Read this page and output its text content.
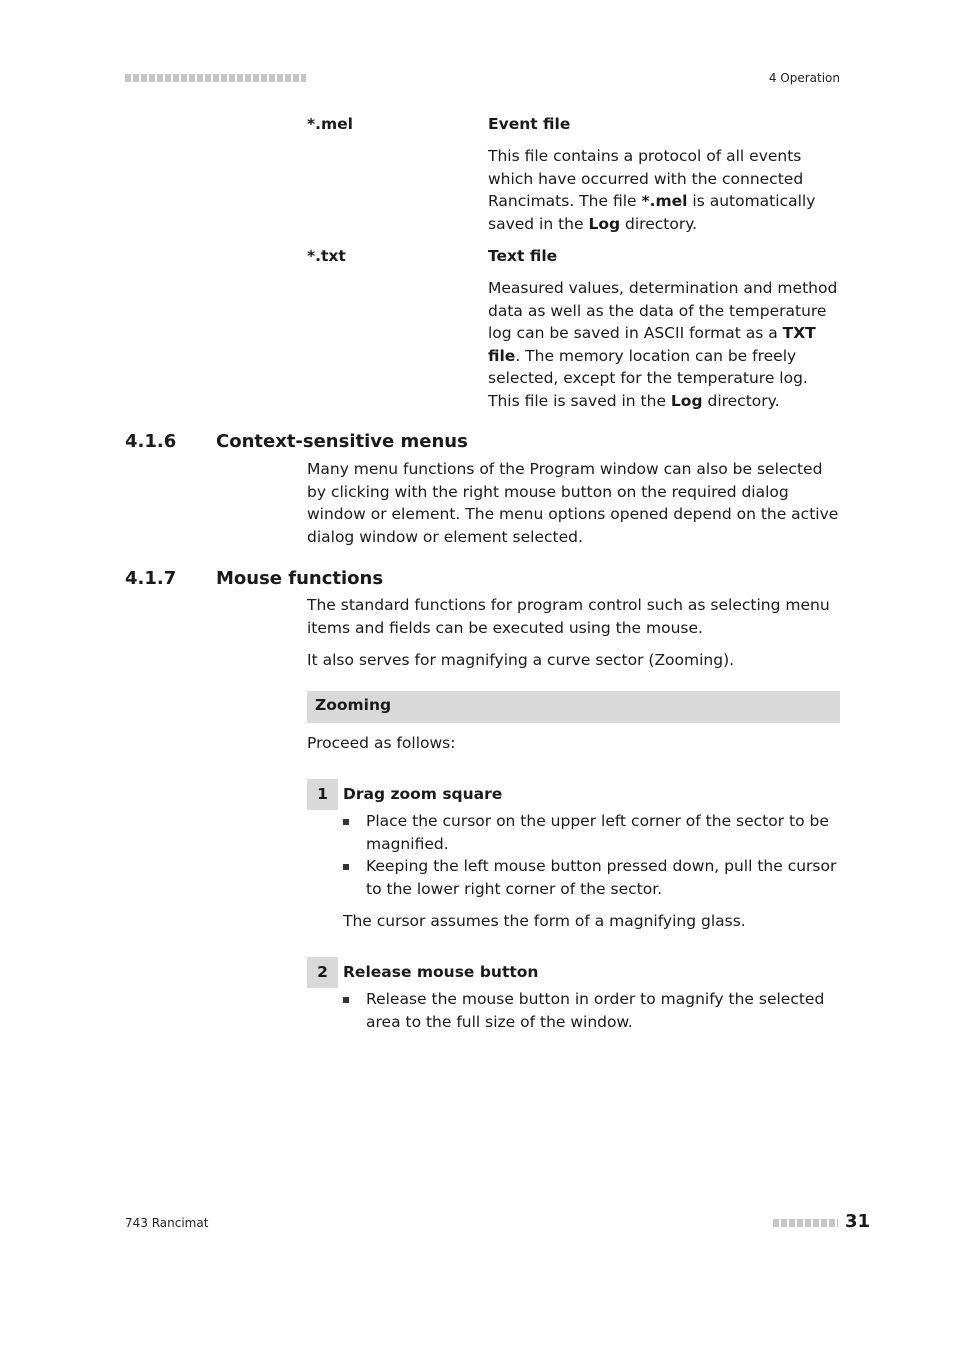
4 Operation
*.mel	Event file
This file contains a protocol of all events which have occurred with the connected Rancimats. The file *.mel is automatically saved in the Log directory.
*.txt	Text file
Measured values, determination and method data as well as the data of the temperature log can be saved in ASCII format as a TXT file. The memory location can be freely selected, except for the temperature log. This file is saved in the Log directory.
4.1.6 Context-sensitive menus
Many menu functions of the Program window can also be selected by clicking with the right mouse button on the required dialog window or element. The menu options opened depend on the active dialog window or element selected.
4.1.7 Mouse functions
The standard functions for program control such as selecting menu items and fields can be executed using the mouse.
It also serves for magnifying a curve sector (Zooming).
Zooming
Proceed as follows:
1 Drag zoom square
Place the cursor on the upper left corner of the sector to be magnified.
Keeping the left mouse button pressed down, pull the cursor to the lower right corner of the sector.
The cursor assumes the form of a magnifying glass.
2 Release mouse button
Release the mouse button in order to magnify the selected area to the full size of the window.
743 Rancimat	31
